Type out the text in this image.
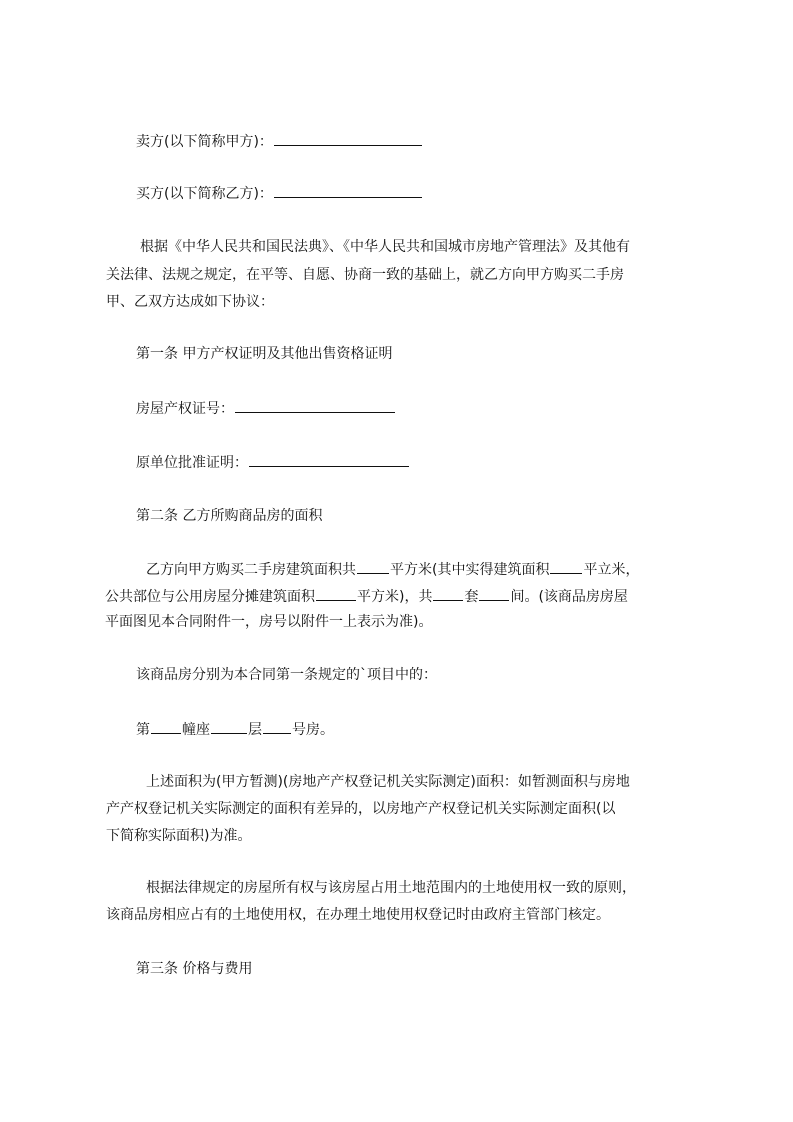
卖方(以下简称甲方)：
买方(以下简称乙方)：
根据《中华人民共和国民法典》、《中华人民共和国城市房地产管理法》及其他有
关法律、法规之规定，在平等、自愿、协商一致的基础上，就乙方向甲方购买二手房
甲、乙双方达成如下协议：
第一条 甲方产权证明及其他出售资格证明
房屋产权证号：
原单位批准证明：
第二条 乙方所购商品房的面积
乙方向甲方购买二手房建筑面积共 平方米(其中实得建筑面积 平立米，
公共部位与公用房屋分摊建筑面积	平方米)，共 套 间。(该商品房房屋
平面图见本合同附件一，房号以附件一上表示为准)。
该商品房分别为本合同第一条规定的`项目中的：
第 幢座	层 号房。
上述面积为(甲方暂测)(房地产产权登记机关实际测定)面积：如暂测面积与房地
产产权登记机关实际测定的面积有差异的，以房地产产权登记机关实际测定面积(以
下简称实际面积)为准。
根据法律规定的房屋所有权与该房屋占用土地范围内的土地使用权一致的原则，
该商品房相应占有的土地使用权，在办理土地使用权登记时由政府主管部门核定。
第三条 价格与费用
